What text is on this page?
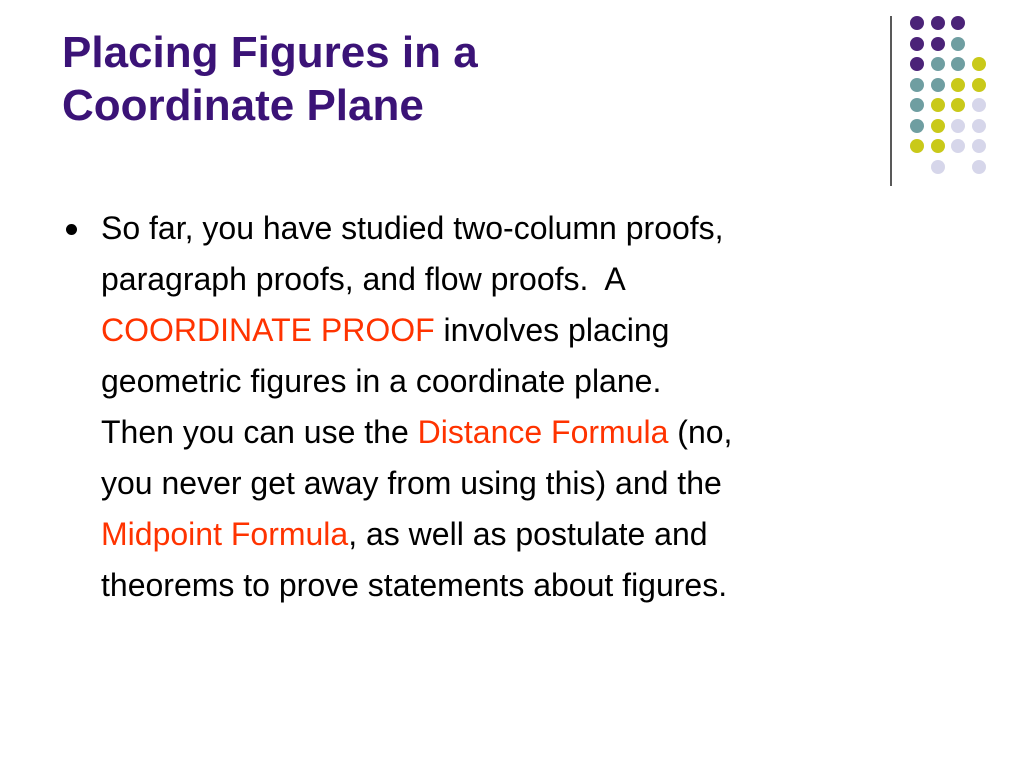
Placing Figures in a
Coordinate Plane
So far, you have studied two-column proofs,
paragraph proofs, and flow proofs.  A
COORDINATE PROOF involves placing
geometric figures in a coordinate plane.
Then you can use the Distance Formula (no,
you never get away from using this) and the
Midpoint Formula, as well as postulate and
theorems to prove statements about figures.
